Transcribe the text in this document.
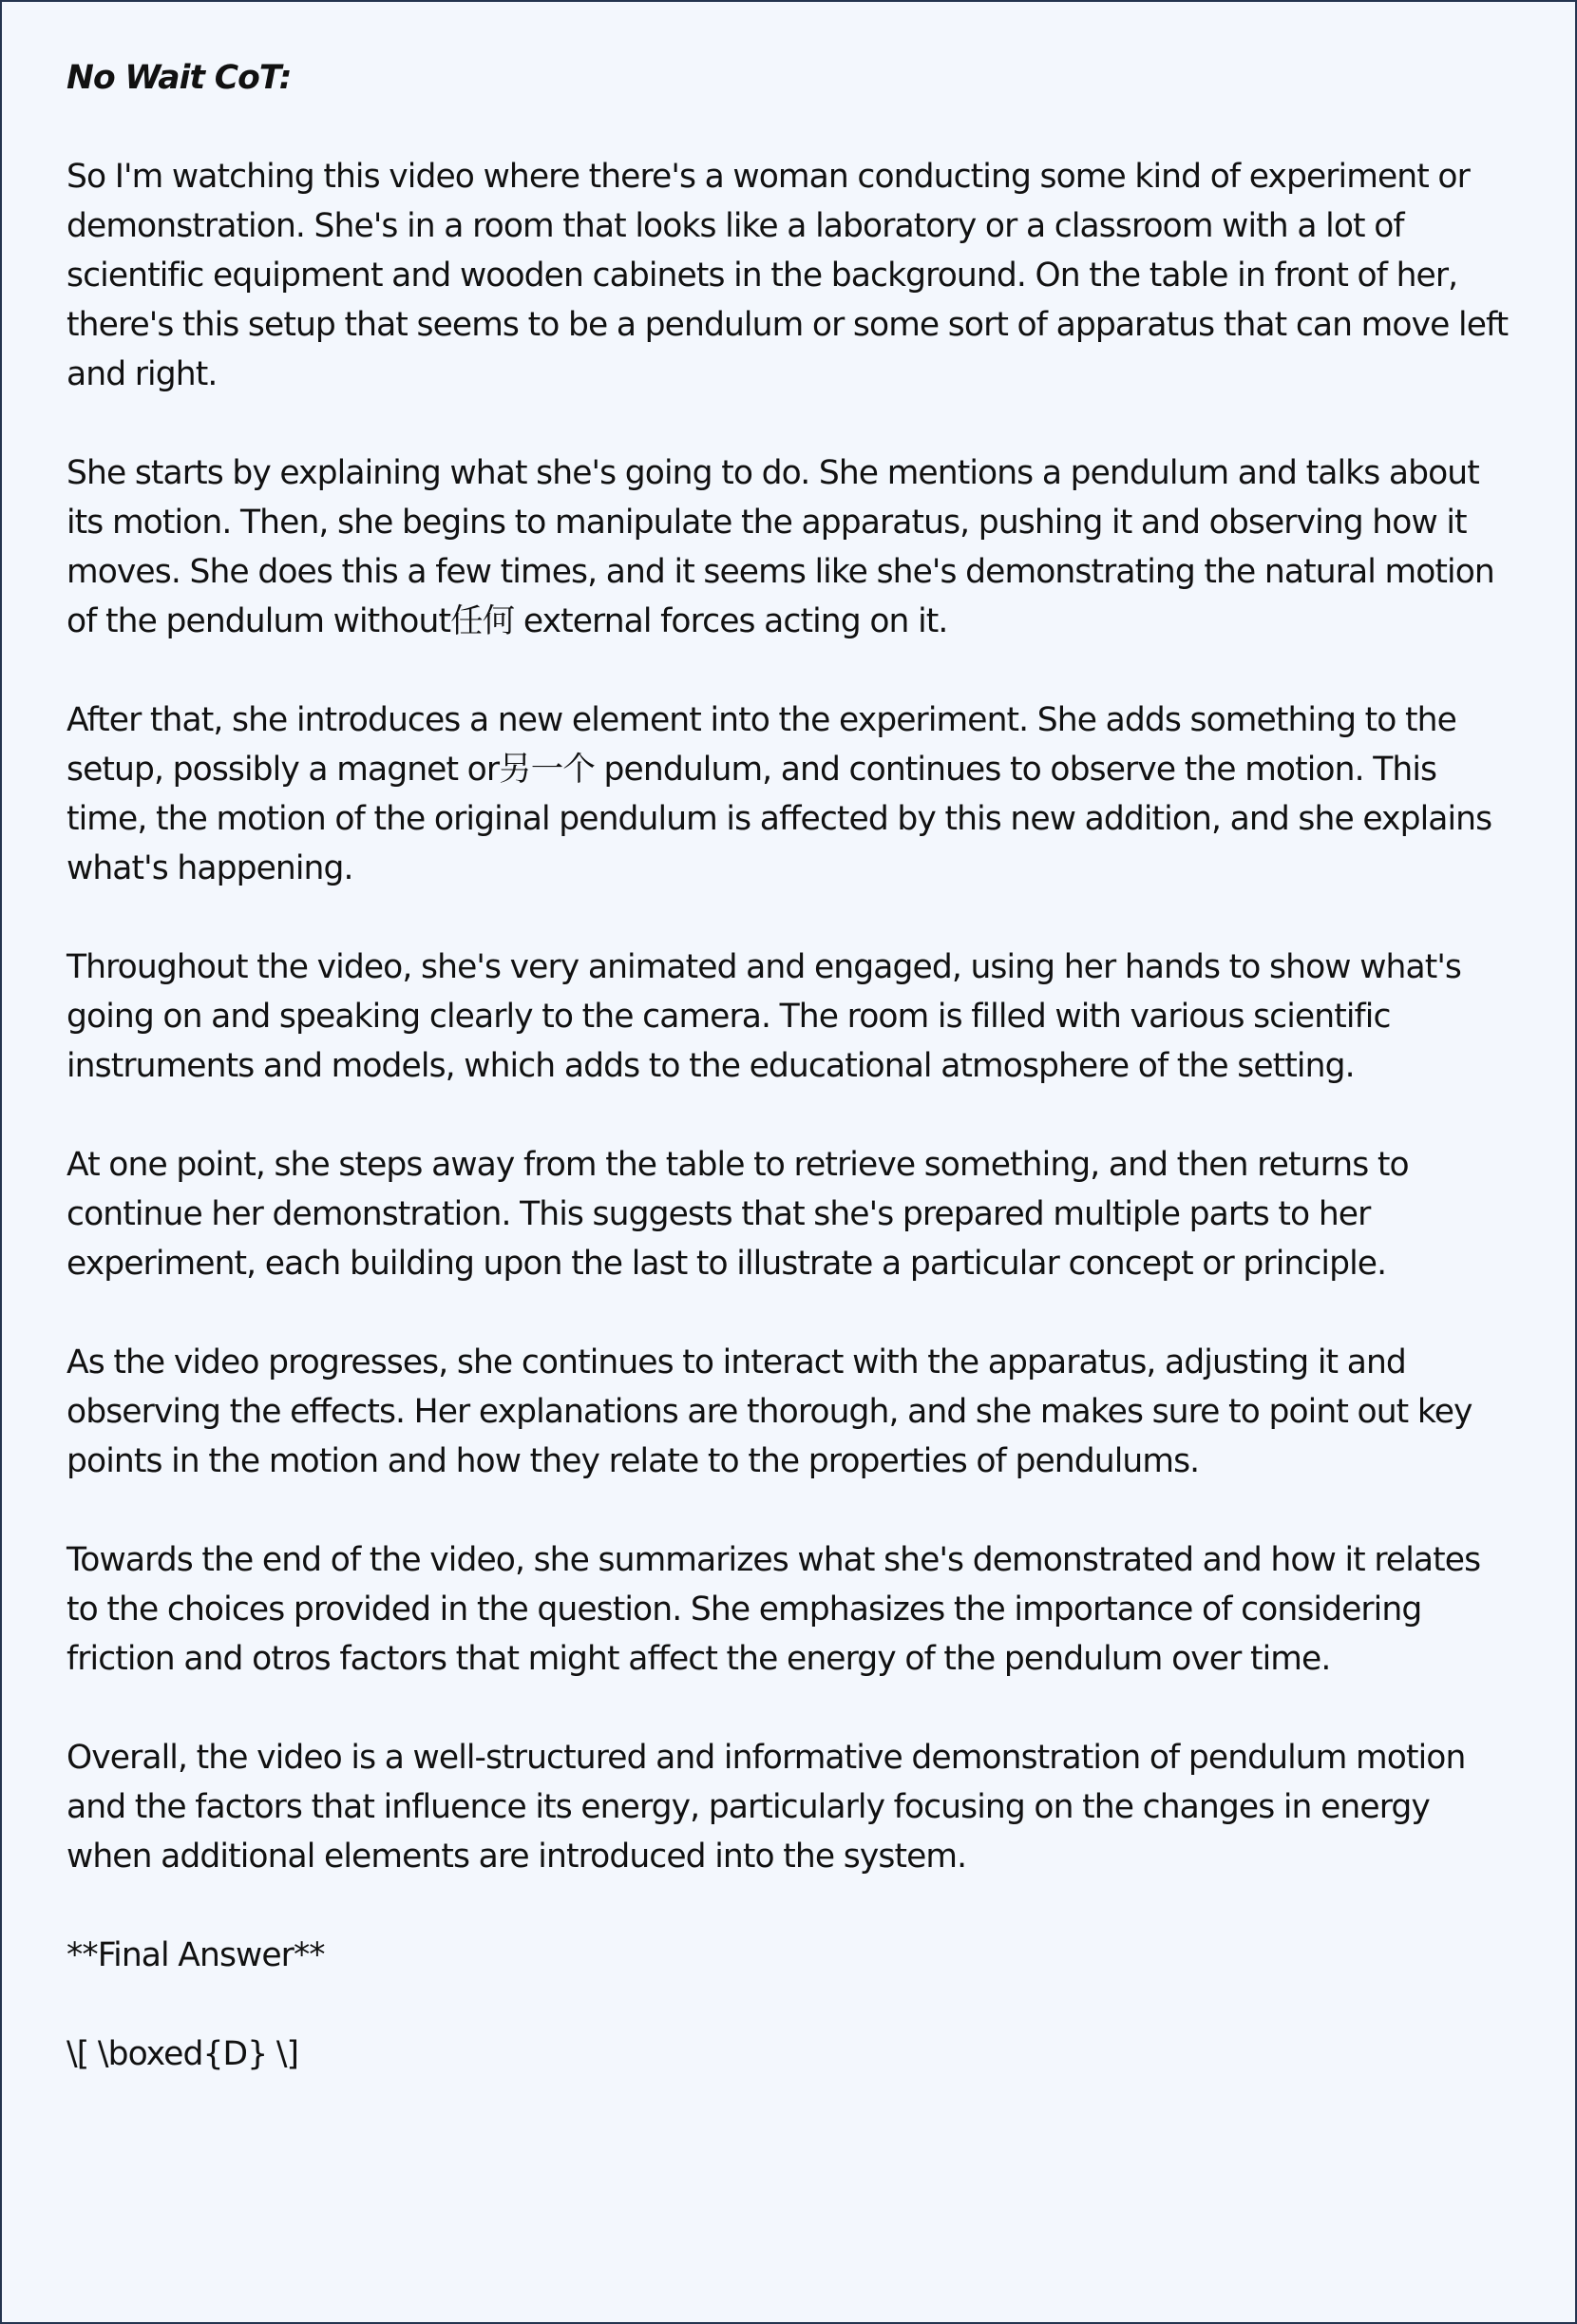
No Wait CoT:

So I'm watching this video where there's a woman conducting some kind of experiment or demonstration. She's in a room that looks like a laboratory or a classroom with a lot of scientific equipment and wooden cabinets in the background. On the table in front of her, there's this setup that seems to be a pendulum or some sort of apparatus that can move left and right.

She starts by explaining what she's going to do. She mentions a pendulum and talks about its motion. Then, she begins to manipulate the apparatus, pushing it and observing how it moves. She does this a few times, and it seems like she's demonstrating the natural motion of the pendulum without任何 external forces acting on it.

After that, she introduces a new element into the experiment. She adds something to the setup, possibly a magnet or另一个 pendulum, and continues to observe the motion. This time, the motion of the original pendulum is affected by this new addition, and she explains what's happening.

Throughout the video, she's very animated and engaged, using her hands to show what's going on and speaking clearly to the camera. The room is filled with various scientific instruments and models, which adds to the educational atmosphere of the setting.

At one point, she steps away from the table to retrieve something, and then returns to continue her demonstration. This suggests that she's prepared multiple parts to her experiment, each building upon the last to illustrate a particular concept or principle.

As the video progresses, she continues to interact with the apparatus, adjusting it and observing the effects. Her explanations are thorough, and she makes sure to point out key points in the motion and how they relate to the properties of pendulums.

Towards the end of the video, she summarizes what she's demonstrated and how it relates to the choices provided in the question. She emphasizes the importance of considering friction and otros factors that might affect the energy of the pendulum over time.

Overall, the video is a well-structured and informative demonstration of pendulum motion and the factors that influence its energy, particularly focusing on the changes in energy when additional elements are introduced into the system.

**Final Answer**

\[ \boxed{D} \]
